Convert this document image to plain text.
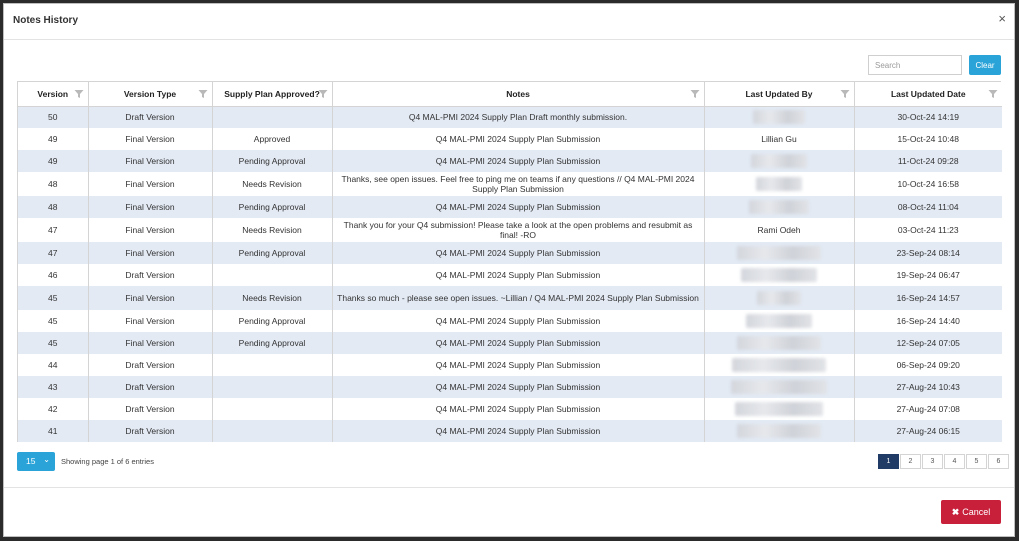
Notes History	×
Search
Clear
Version	Version Type	Supply Plan Approved?	Notes	Last Updated By	Last Updated Date

50	Draft Version		Q4 MAL-PMI 2024 Supply Plan Draft monthly submission.		30-Oct-24 14:19
49	Final Version	Approved	Q4 MAL-PMI 2024 Supply Plan Submission	Lillian Gu	15-Oct-24 10:48
49	Final Version	Pending Approval	Q4 MAL-PMI 2024 Supply Plan Submission		11-Oct-24 09:28
48	Final Version	Needs Revision	Thanks, see open issues. Feel free to ping me on teams if any questions // Q4 MAL-PMI 2024 Supply Plan Submission		10-Oct-24 16:58
48	Final Version	Pending Approval	Q4 MAL-PMI 2024 Supply Plan Submission		08-Oct-24 11:04
47	Final Version	Needs Revision	Thank you for your Q4 submission! Please take a look at the open problems and resubmit as final! -RO	Rami Odeh	03-Oct-24 11:23
47	Final Version	Pending Approval	Q4 MAL-PMI 2024 Supply Plan Submission		23-Sep-24 08:14
46	Draft Version		Q4 MAL-PMI 2024 Supply Plan Submission		19-Sep-24 06:47
45	Final Version	Needs Revision	Thanks so much - please see open issues. ~Lillian / Q4 MAL-PMI 2024 Supply Plan Submission		16-Sep-24 14:57
45	Final Version	Pending Approval	Q4 MAL-PMI 2024 Supply Plan Submission		16-Sep-24 14:40
45	Final Version	Pending Approval	Q4 MAL-PMI 2024 Supply Plan Submission		12-Sep-24 07:05
44	Draft Version		Q4 MAL-PMI 2024 Supply Plan Submission		06-Sep-24 09:20
43	Draft Version		Q4 MAL-PMI 2024 Supply Plan Submission		27-Aug-24 10:43
42	Draft Version		Q4 MAL-PMI 2024 Supply Plan Submission		27-Aug-24 07:08
41	Draft Version		Q4 MAL-PMI 2024 Supply Plan Submission		27-Aug-24 06:15
15 ⌄ Showing page 1 of 6 entries	1	2	3	4	5	6
✖ Cancel
